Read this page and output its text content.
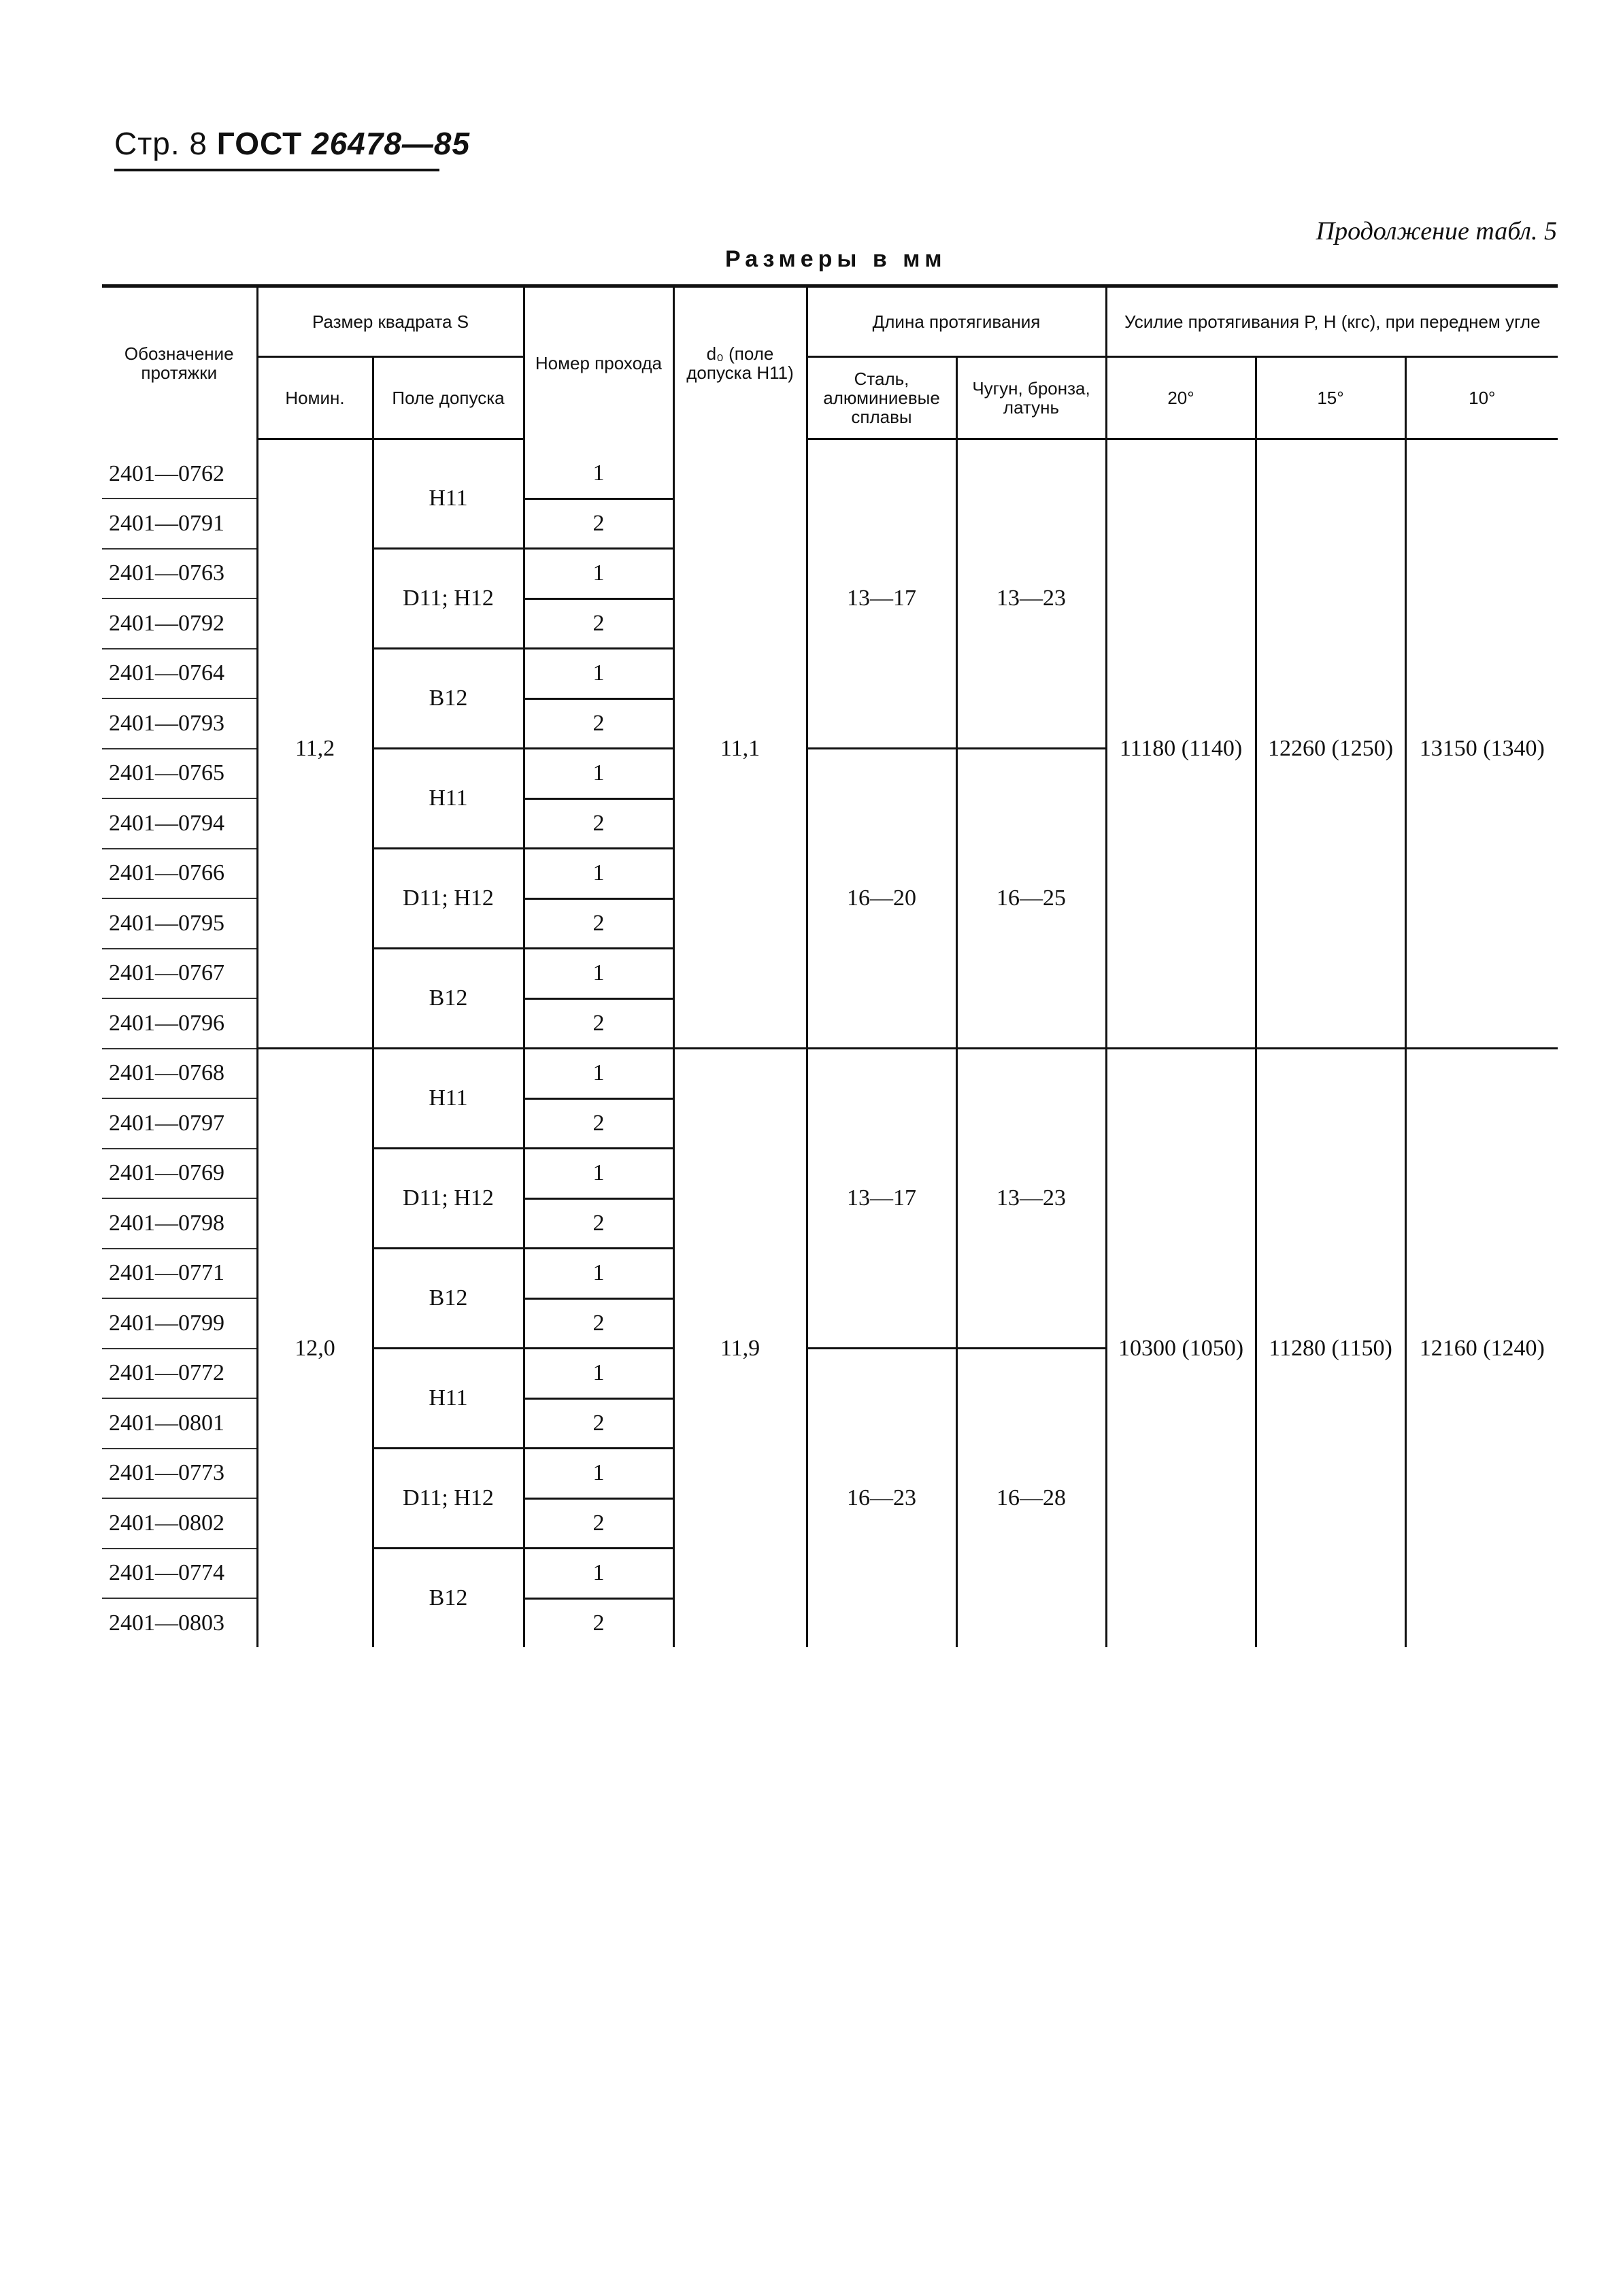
Стр. 8 ГОСТ 26478—85
Продолжение табл. 5
Размеры в мм
Обозначение протяжки	Размер квадрата S		Номер прохода	d₀ (поле допуска H11)	Длина протягивания		Усилие протягивания P, Н (кгс), при переднем угле		
	Номин.	Поле допуска			Сталь, алюминиевые сплавы	Чугун, бронза, латунь	20°	15°	10°

2401—0762	11,2	H11	1	11,1	13—17	13—23	11180 (1140)	12260 (1250)	13150 (1340)
2401—0791			2						
2401—0763		D11; H12	1						
2401—0792			2						
2401—0764		B12	1						
2401—0793			2						
2401—0765		H11	1		16—20	16—25			
2401—0794			2						
2401—0766		D11; H12	1						
2401—0795			2						
2401—0767		B12	1						
2401—0796			2						
2401—0768	12,0	H11	1	11,9	13—17	13—23	10300 (1050)	11280 (1150)	12160 (1240)
2401—0797			2						
2401—0769		D11; H12	1						
2401—0798			2						
2401—0771		B12	1						
2401—0799			2						
2401—0772		H11	1		16—23	16—28			
2401—0801			2						
2401—0773		D11; H12	1						
2401—0802			2						
2401—0774		B12	1						
2401—0803			2						
